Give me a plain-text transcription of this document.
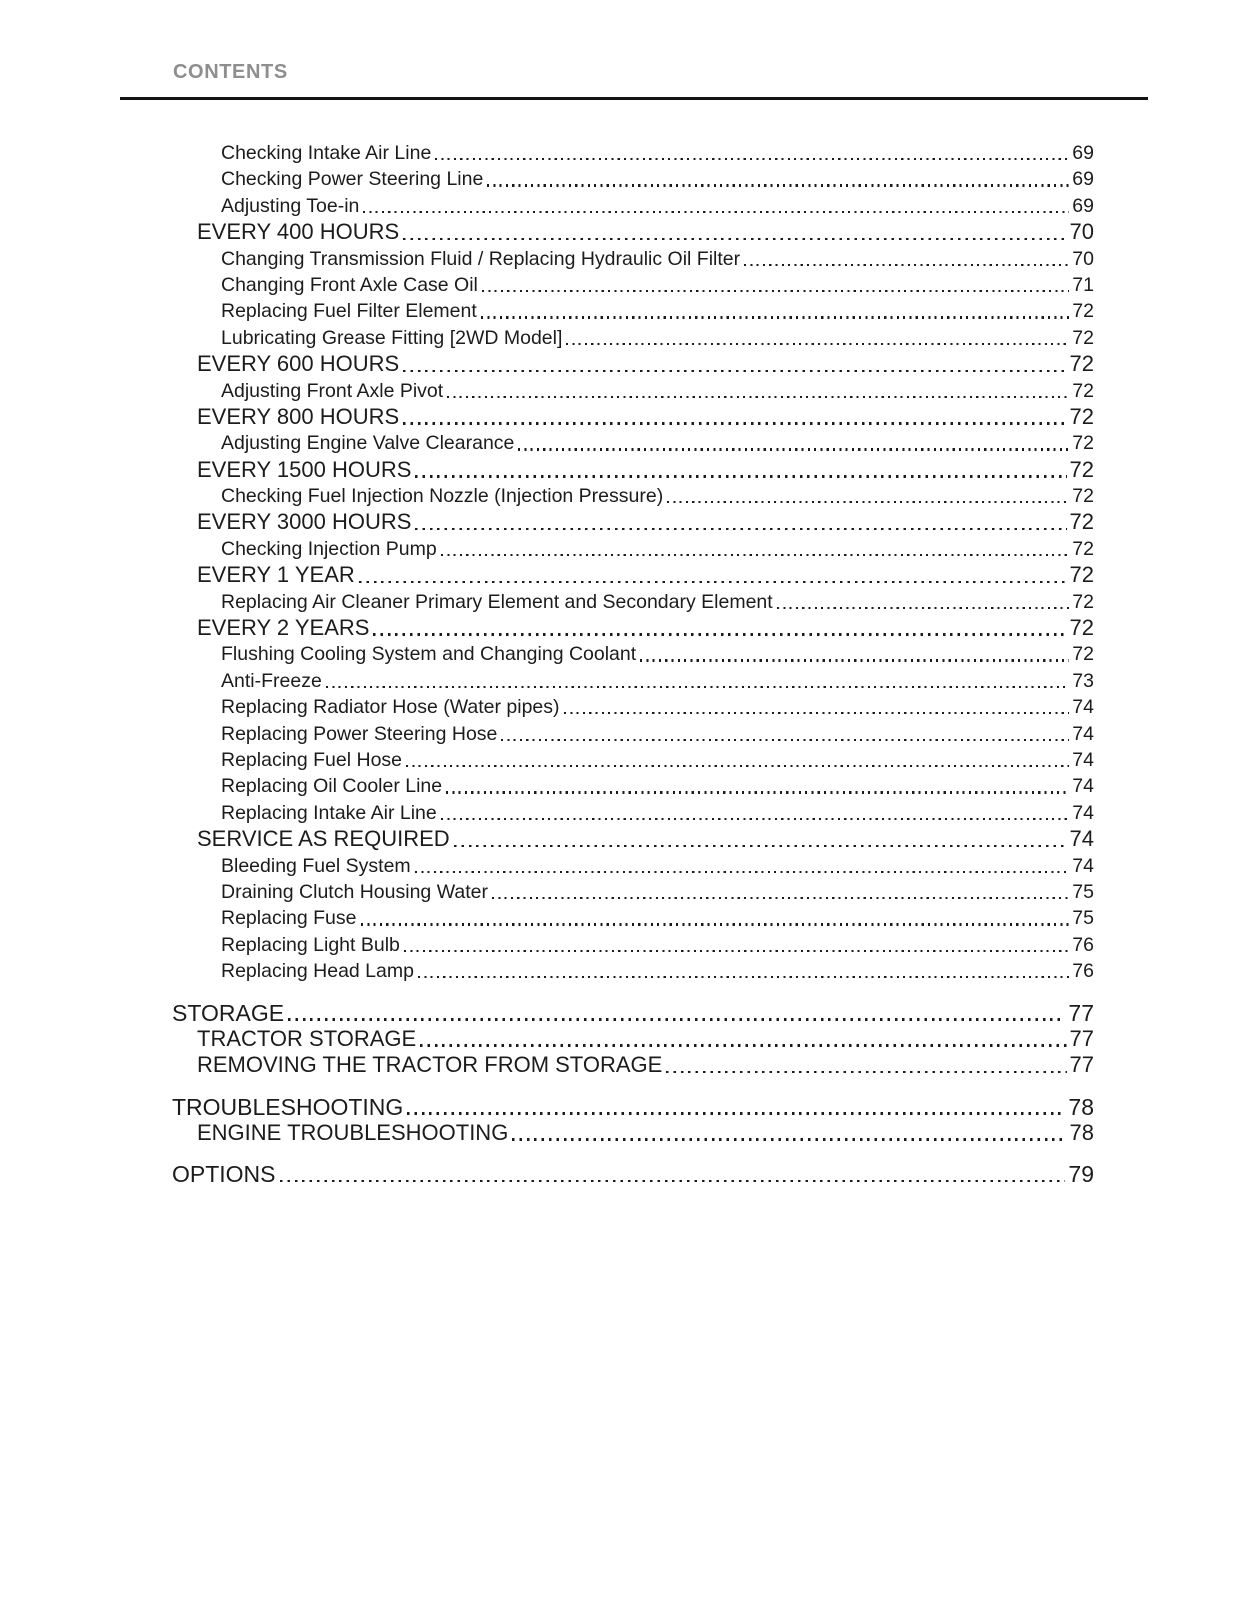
CONTENTS
Checking Intake Air Line	69
Checking Power Steering Line	69
Adjusting Toe-in	69
EVERY 400 HOURS	70
Changing Transmission Fluid / Replacing Hydraulic Oil Filter	70
Changing Front Axle Case Oil	71
Replacing Fuel Filter Element	72
Lubricating Grease Fitting [2WD Model]	72
EVERY 600 HOURS	72
Adjusting Front Axle Pivot	72
EVERY 800 HOURS	72
Adjusting Engine Valve Clearance	72
EVERY 1500 HOURS	72
Checking Fuel Injection Nozzle (Injection Pressure)	72
EVERY 3000 HOURS	72
Checking Injection Pump	72
EVERY 1 YEAR	72
Replacing Air Cleaner Primary Element and Secondary Element	72
EVERY 2 YEARS	72
Flushing Cooling System and Changing Coolant	72
Anti-Freeze	73
Replacing Radiator Hose (Water pipes)	74
Replacing Power Steering Hose	74
Replacing Fuel Hose	74
Replacing Oil Cooler Line	74
Replacing Intake Air Line	74
SERVICE AS REQUIRED	74
Bleeding Fuel System	74
Draining Clutch Housing Water	75
Replacing Fuse	75
Replacing Light Bulb	76
Replacing Head Lamp	76
STORAGE	77
TRACTOR STORAGE	77
REMOVING THE TRACTOR FROM STORAGE	77
TROUBLESHOOTING	78
ENGINE TROUBLESHOOTING	78
OPTIONS	79
